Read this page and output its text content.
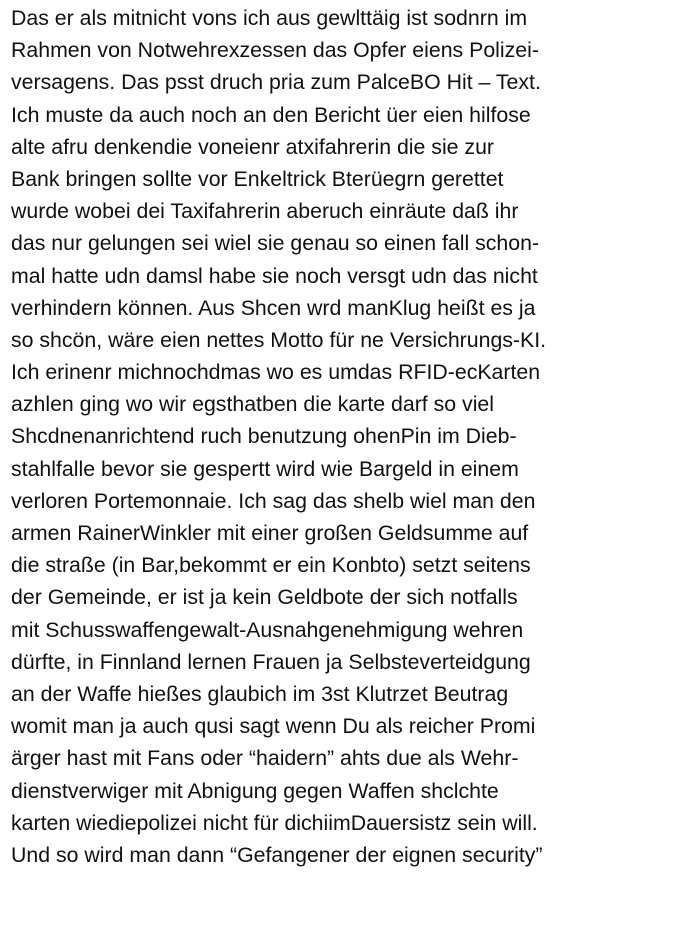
Das er als mitnicht vons ich aus gewlttäig ist sodnrn im
Rahmen von Notwehrexzessen das Opfer eiens Polizei-
versagens. Das psst druch pria zum PalceBO Hit – Text.
Ich muste da auch noch an den Bericht üer eien hilfose
alte afru denkendie voneienr atxifahrerin die sie zur
Bank bringen sollte vor Enkeltrick Bterüegrn gerettet
wurde wobei dei Taxifahrerin aberuch einräute daß ihr
das nur gelungen sei wiel sie genau so einen fall schon-
mal hatte udn damsl habe sie noch versgt udn das nicht
verhindern können. Aus Shcen wrd manKlug heißt es ja
so shcön, wäre eien nettes Motto für ne Versichrungs-KI.
Ich erinenr michnochdmas wo es umdas RFID-ecKarten
azhlen ging wo wir egsthatben die karte darf so viel
Shcdnenanrichtend ruch benutzung ohenPin im Dieb-
stahlfalle bevor sie gespertt wird wie Bargeld in einem
verloren Portemonnaie. Ich sag das shelb wiel man den
armen RainerWinkler mit einer großen Geldsumme auf
die straße (in Bar,bekommt er ein Konbto) setzt seitens
der Gemeinde, er ist ja kein Geldbote der sich notfalls
mit Schusswaffengewalt-Ausnahgenehmigung wehren
dürfte, in Finnland lernen Frauen ja Selbsteverteidgung
an der Waffe hießes glaubich im 3st Klutrzet Beutrag
womit man ja auch qusi sagt wenn Du als reicher Promi
ärger hast mit Fans oder “haidern” ahts due als Wehr-
dienstverwiger mit Abnigung gegen Waffen shclchte
karten wiediepolizei nicht für dichiimDauersistz sein will.
Und so wird man dann “Gefangener der eignen security”
